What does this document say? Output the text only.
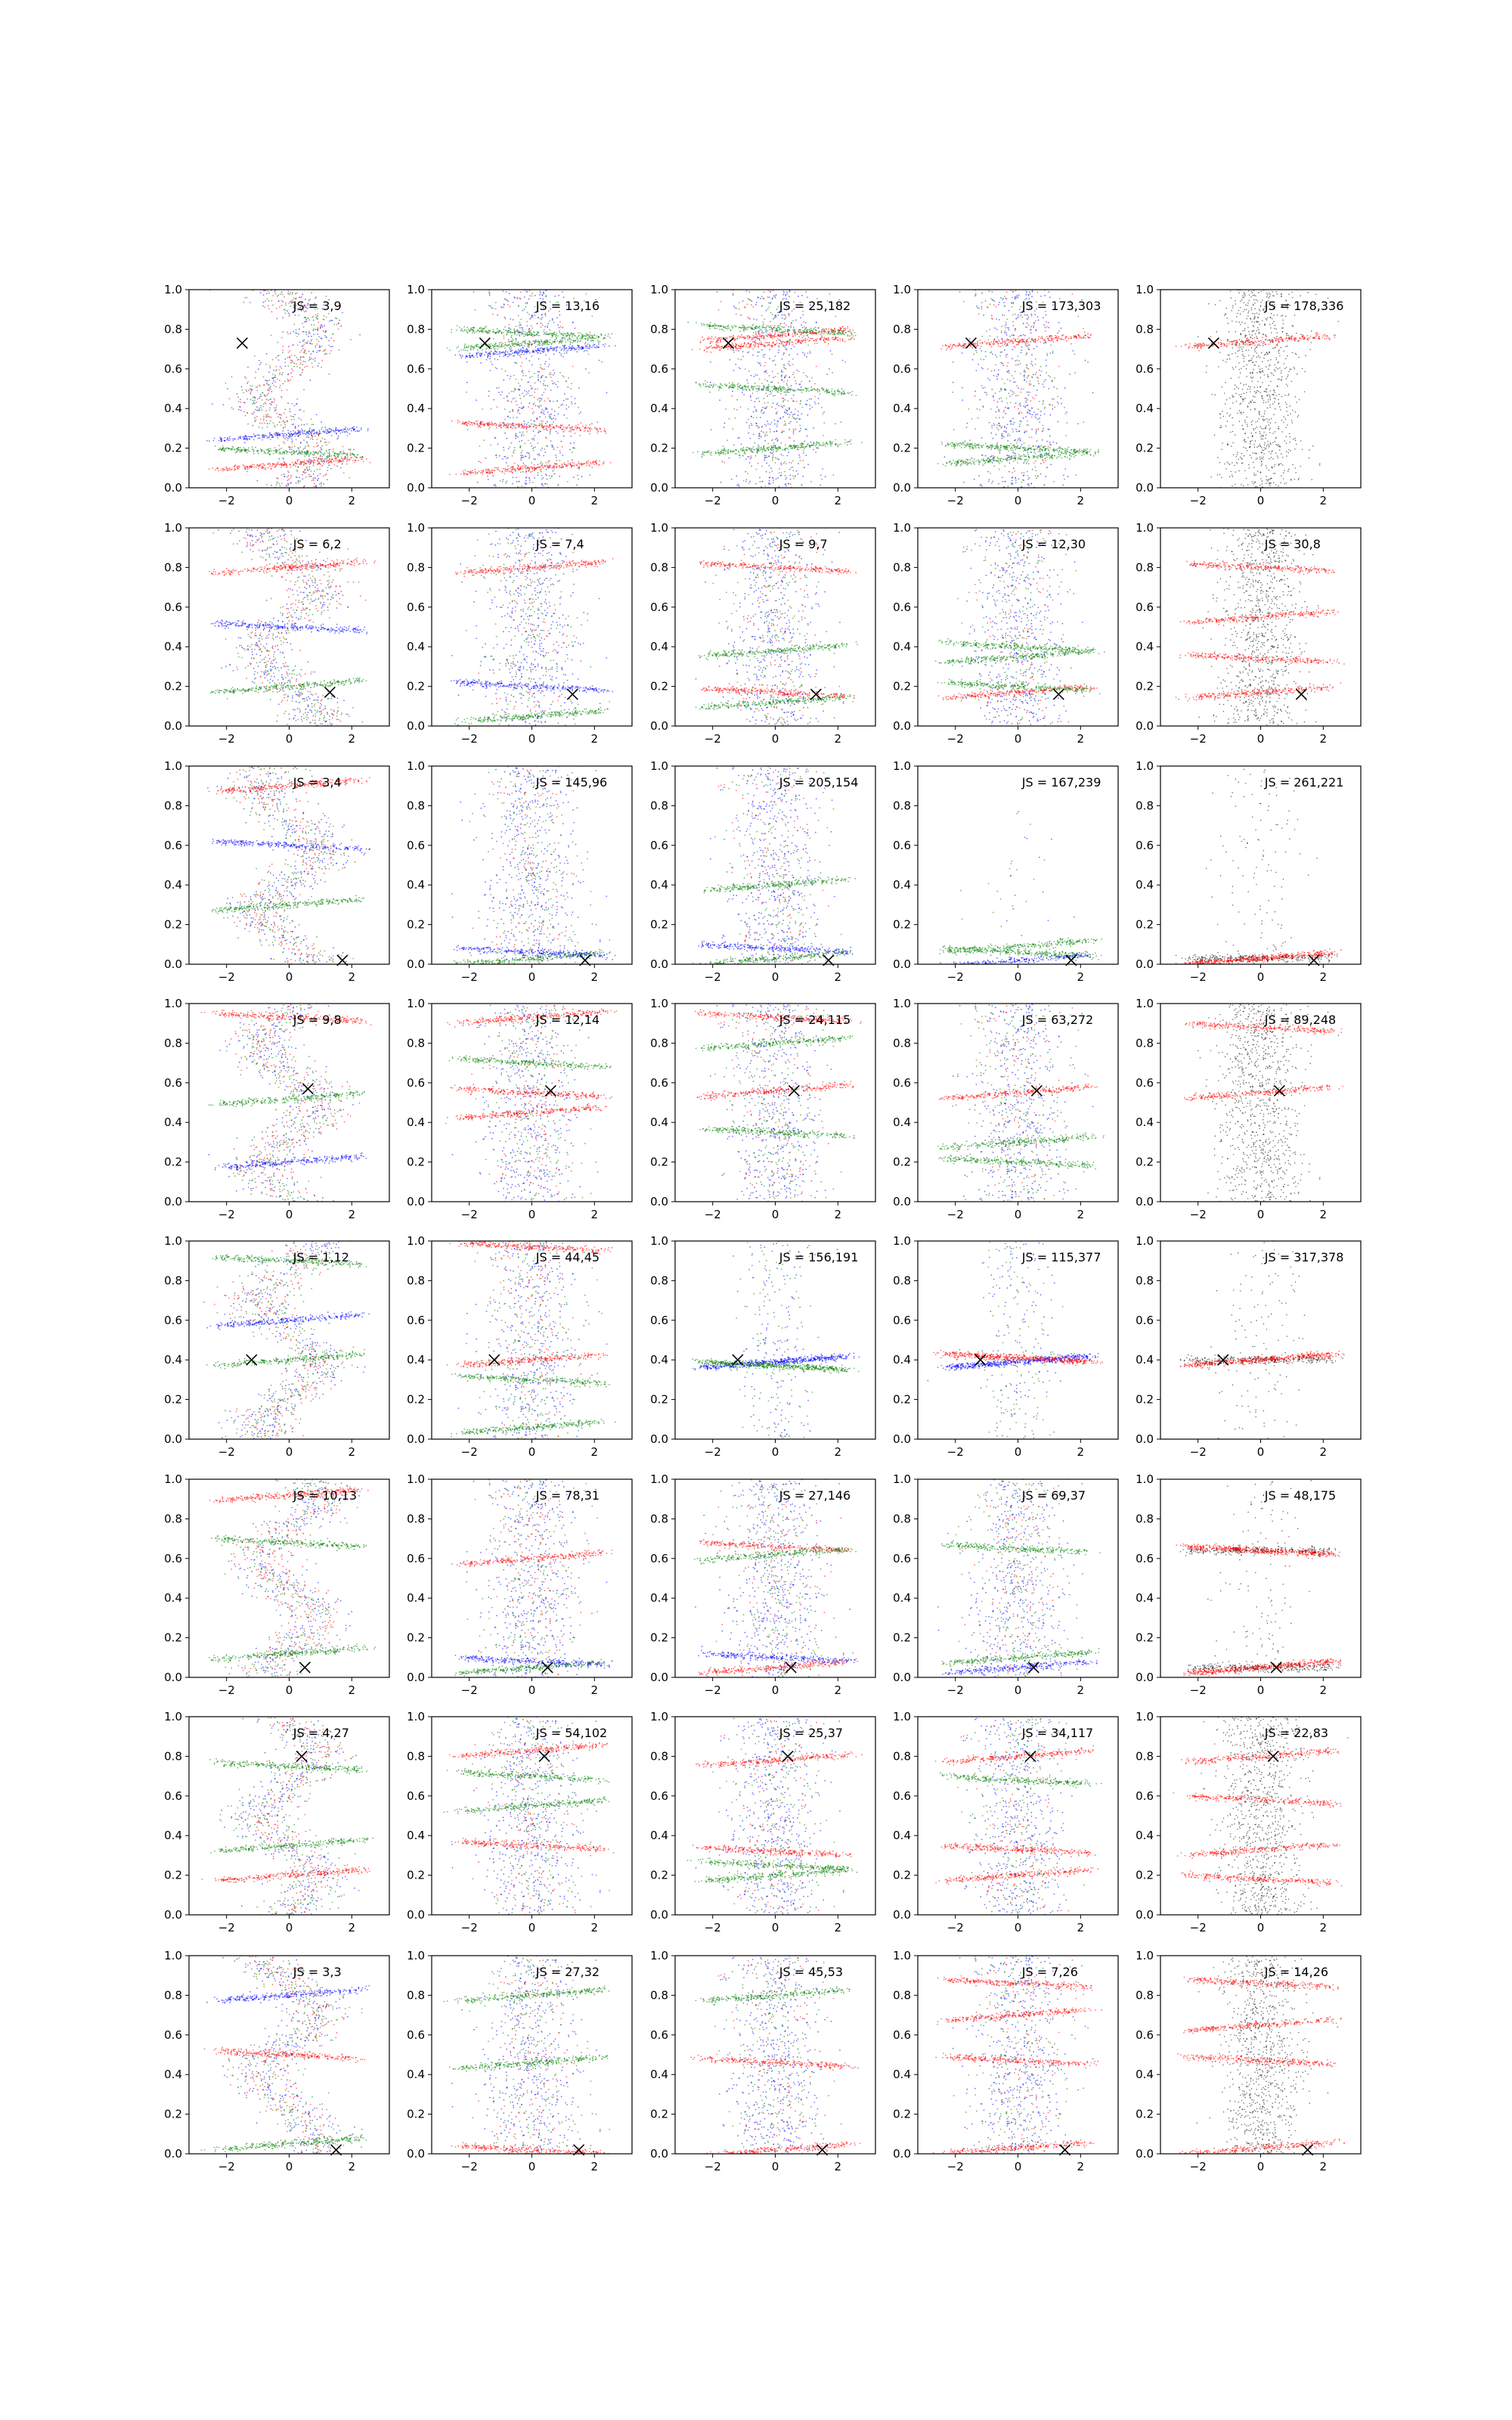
−2	0	2
0.0
0.2
0.4
0.6
0.8
1.0
JS = 3,9
−2	0	2
0.0
0.2
0.4
0.6
0.8
1.0
JS = 13,16
−2	0	2
0.0
0.2
0.4
0.6
0.8
1.0
JS = 25,182
−2	0	2
0.0
0.2
0.4
0.6
0.8
1.0
JS = 173,303
−2	0	2
0.0
0.2
0.4
0.6
0.8
1.0
JS = 178,336
−2	0	2
0.0
0.2
0.4
0.6
0.8
1.0
JS = 6,2
−2	0	2
0.0
0.2
0.4
0.6
0.8
1.0
JS = 7,4
−2	0	2
0.0
0.2
0.4
0.6
0.8
1.0
JS = 9,7
−2	0	2
0.0
0.2
0.4
0.6
0.8
1.0
JS = 12,30
−2	0	2
0.0
0.2
0.4
0.6
0.8
1.0
JS = 30,8
−2	0	2
0.0
0.2
0.4
0.6
0.8
1.0
JS = 3,4
−2	0	2
0.0
0.2
0.4
0.6
0.8
1.0
JS = 145,96
−2	0	2
0.0
0.2
0.4
0.6
0.8
1.0
JS = 205,154
−2	0	2
0.0
0.2
0.4
0.6
0.8
1.0
JS = 167,239
−2	0	2
0.0
0.2
0.4
0.6
0.8
1.0
JS = 261,221
−2	0	2
0.0
0.2
0.4
0.6
0.8
1.0
JS = 9,8
−2	0	2
0.0
0.2
0.4
0.6
0.8
1.0
JS = 12,14
−2	0	2
0.0
0.2
0.4
0.6
0.8
1.0
JS = 24,115
−2	0	2
0.0
0.2
0.4
0.6
0.8
1.0
JS = 63,272
−2	0	2
0.0
0.2
0.4
0.6
0.8
1.0
JS = 89,248
−2	0	2
0.0
0.2
0.4
0.6
0.8
1.0
JS = 1,12
−2	0	2
0.0
0.2
0.4
0.6
0.8
1.0
JS = 44,45
−2	0	2
0.0
0.2
0.4
0.6
0.8
1.0
JS = 156,191
−2	0	2
0.0
0.2
0.4
0.6
0.8
1.0
JS = 115,377
−2	0	2
0.0
0.2
0.4
0.6
0.8
1.0
JS = 317,378
−2	0	2
0.0
0.2
0.4
0.6
0.8
1.0
JS = 10,13
−2	0	2
0.0
0.2
0.4
0.6
0.8
1.0
JS = 78,31
−2	0	2
0.0
0.2
0.4
0.6
0.8
1.0
JS = 27,146
−2	0	2
0.0
0.2
0.4
0.6
0.8
1.0
JS = 69,37
−2	0	2
0.0
0.2
0.4
0.6
0.8
1.0
JS = 48,175
−2	0	2
0.0
0.2
0.4
0.6
0.8
1.0
JS = 4,27
−2	0	2
0.0
0.2
0.4
0.6
0.8
1.0
JS = 54,102
−2	0	2
0.0
0.2
0.4
0.6
0.8
1.0
JS = 25,37
−2	0	2
0.0
0.2
0.4
0.6
0.8
1.0
JS = 34,117
−2	0	2
0.0
0.2
0.4
0.6
0.8
1.0
JS = 22,83
−2	0	2
0.0
0.2
0.4
0.6
0.8
1.0
JS = 3,3
−2	0	2
0.0
0.2
0.4
0.6
0.8
1.0
JS = 27,32
−2	0	2
0.0
0.2
0.4
0.6
0.8
1.0
JS = 45,53
−2	0	2
0.0
0.2
0.4
0.6
0.8
1.0
JS = 7,26
−2	0	2
0.0
0.2
0.4
0.6
0.8
1.0
JS = 14,26
